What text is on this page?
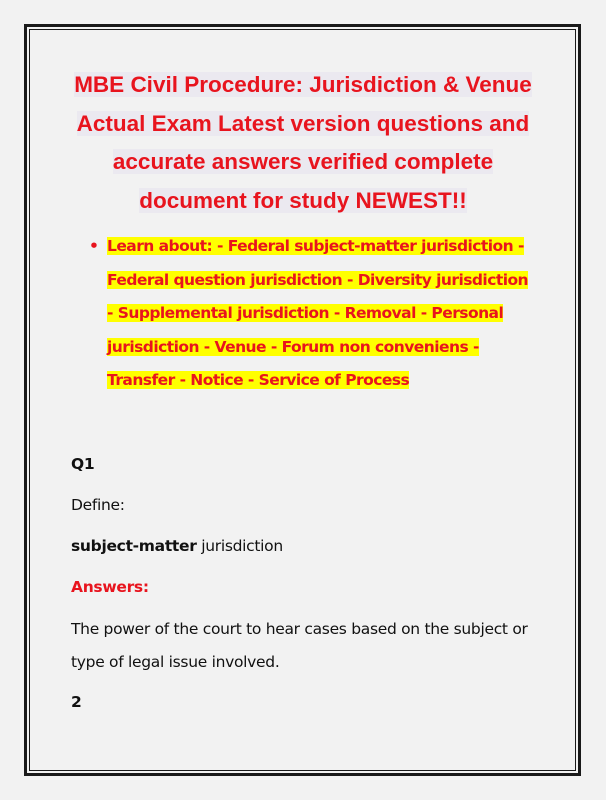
MBE Civil Procedure: Jurisdiction & Venue
Actual Exam Latest version questions and
accurate answers verified complete
document for study NEWEST!!
• Learn about: - Federal subject-matter jurisdiction - Federal question jurisdiction - Diversity jurisdiction - Supplemental jurisdiction - Removal - Personal jurisdiction - Venue - Forum non conveniens - Transfer - Notice - Service of Process

Q1

Define:

subject-matter jurisdiction

Answers:

The power of the court to hear cases based on the subject or type of legal issue involved.

2
